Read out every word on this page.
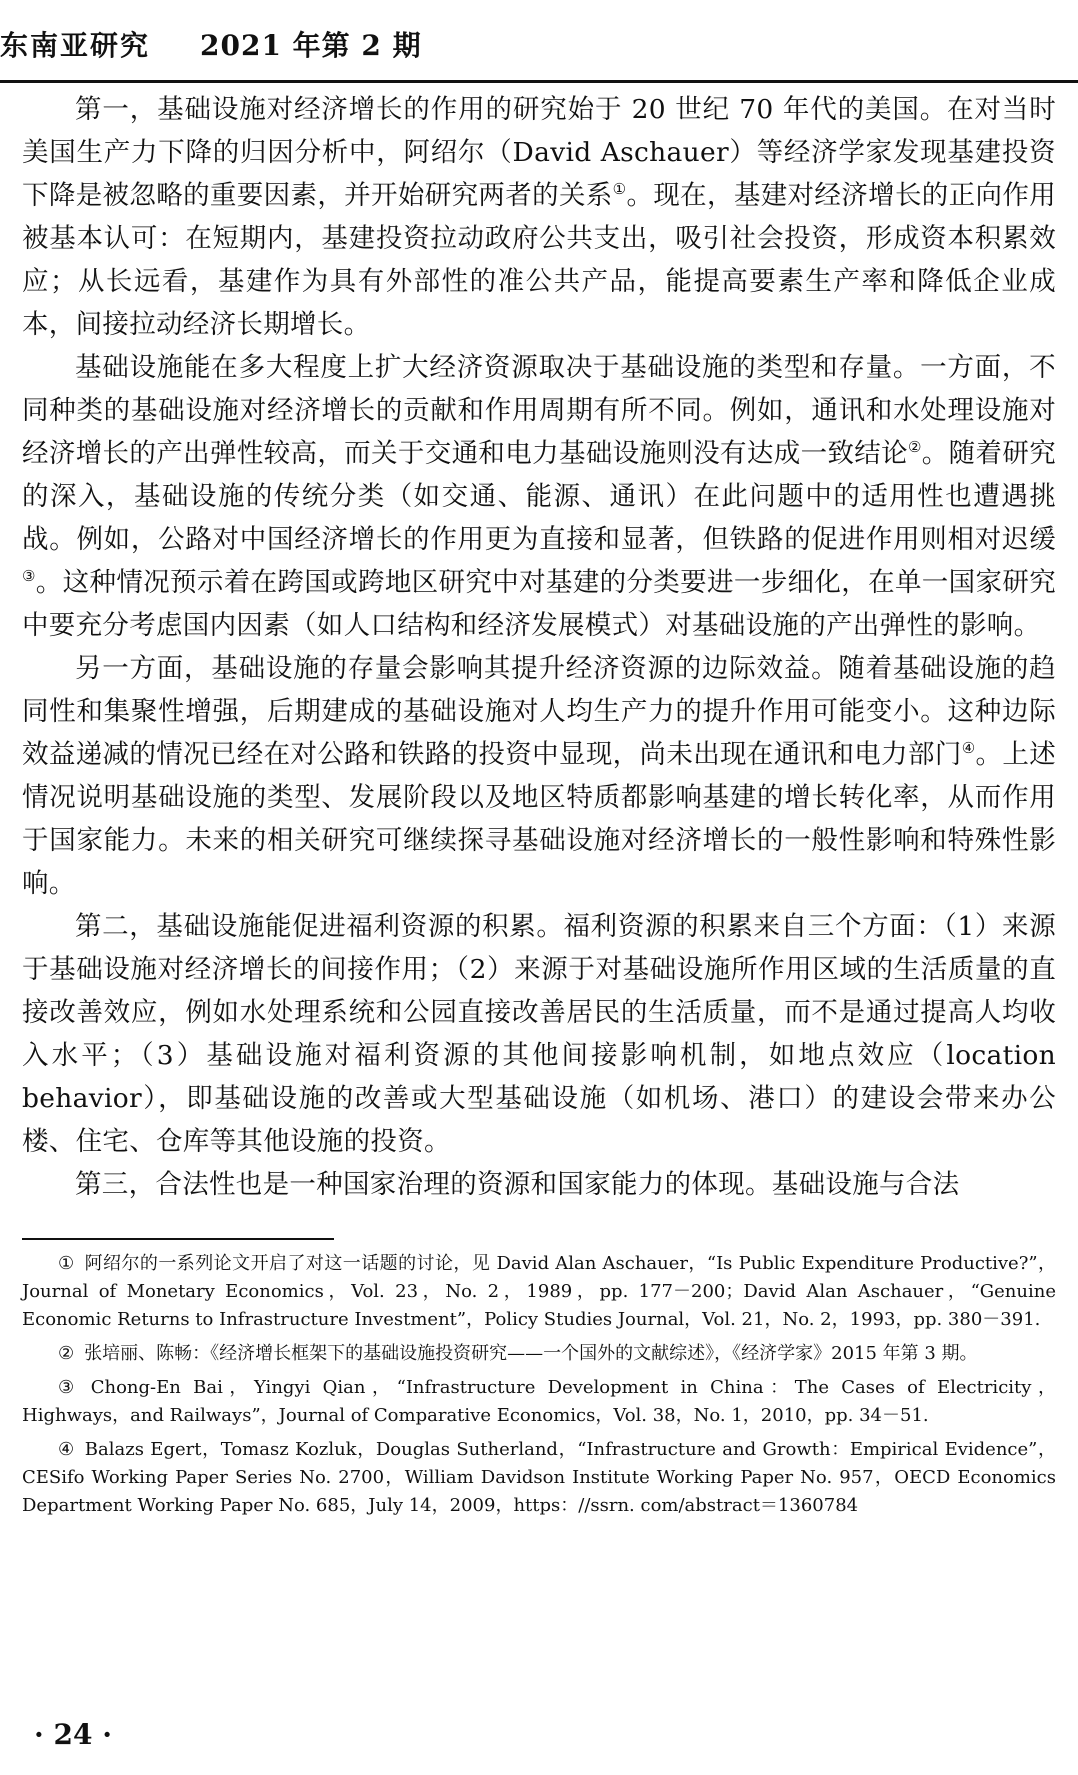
东南亚研究 2021 年第 2 期

第一，基础设施对经济增长的作用的研究始于 20 世纪 70 年代的美国。在对当时美国生产力下降的归因分析中，阿绍尔（David Aschauer）等经济学家发现基建投资下降是被忽略的重要因素，并开始研究两者的关系①。现在，基建对经济增长的正向作用被基本认可：在短期内，基建投资拉动政府公共支出，吸引社会投资，形成资本积累效应；从长远看，基建作为具有外部性的准公共产品，能提高要素生产率和降低企业成本，间接拉动经济长期增长。

基础设施能在多大程度上扩大经济资源取决于基础设施的类型和存量。一方面，不同种类的基础设施对经济增长的贡献和作用周期有所不同。例如，通讯和水处理设施对经济增长的产出弹性较高，而关于交通和电力基础设施则没有达成一致结论②。随着研究的深入，基础设施的传统分类（如交通、能源、通讯）在此问题中的适用性也遭遇挑战。例如，公路对中国经济增长的作用更为直接和显著，但铁路的促进作用则相对迟缓③。这种情况预示着在跨国或跨地区研究中对基建的分类要进一步细化，在单一国家研究中要充分考虑国内因素（如人口结构和经济发展模式）对基础设施的产出弹性的影响。

另一方面，基础设施的存量会影响其提升经济资源的边际效益。随着基础设施的趋同性和集聚性增强，后期建成的基础设施对人均生产力的提升作用可能变小。这种边际效益递减的情况已经在对公路和铁路的投资中显现，尚未出现在通讯和电力部门④。上述情况说明基础设施的类型、发展阶段以及地区特质都影响基建的增长转化率，从而作用于国家能力。未来的相关研究可继续探寻基础设施对经济增长的一般性影响和特殊性影响。

第二，基础设施能促进福利资源的积累。福利资源的积累来自三个方面：（1）来源于基础设施对经济增长的间接作用；（2）来源于对基础设施所作用区域的生活质量的直接改善效应，例如水处理系统和公园直接改善居民的生活质量，而不是通过提高人均收入水平；（3）基础设施对福利资源的其他间接影响机制，如地点效应（location behavior），即基础设施的改善或大型基础设施（如机场、港口）的建设会带来办公楼、住宅、仓库等其他设施的投资。

第三，合法性也是一种国家治理的资源和国家能力的体现。基础设施与合法

① 阿绍尔的一系列论文开启了对这一话题的讨论，见 David Alan Aschauer，“Is Public Expenditure Productive?”，Journal of Monetary Economics，Vol. 23，No. 2，1989，pp. 177－200；David Alan Aschauer，“Genuine Economic Returns to Infrastructure Investment”，Policy Studies Journal，Vol. 21，No. 2，1993，pp. 380－391.

② 张培丽、陈畅：《经济增长框架下的基础设施投资研究——一个国外的文献综述》，《经济学家》2015 年第 3 期。

③ Chong-En Bai，Yingyi Qian，“Infrastructure Development in China：The Cases of Electricity，Highways，and Railways”，Journal of Comparative Economics，Vol. 38，No. 1，2010，pp. 34－51.

④ Balazs Egert，Tomasz Kozluk，Douglas Sutherland，“Infrastructure and Growth：Empirical Evidence”，CESifo Working Paper Series No. 2700，William Davidson Institute Working Paper No. 957，OECD Economics Department Working Paper No. 685，July 14，2009，https：//ssrn. com/abstract＝1360784

· 24 ·
